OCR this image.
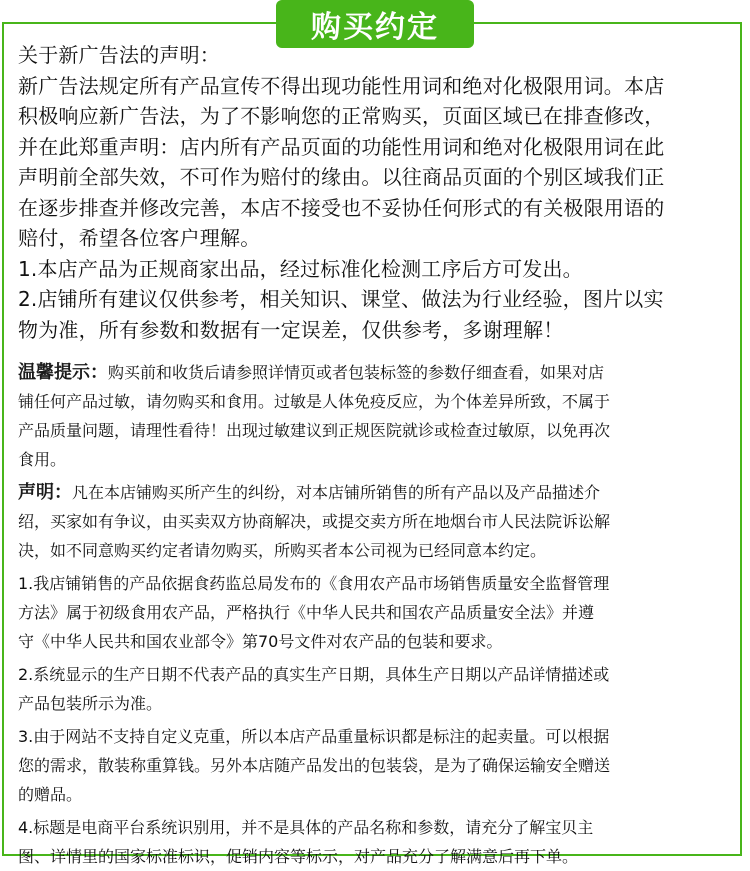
购买约定

关于新广告法的声明：

新广告法规定所有产品宣传不得出现功能性用词和绝对化极限用词。本店

积极响应新广告法，为了不影响您的正常购买，页面区域已在排查修改，

并在此郑重声明：店内所有产品页面的功能性用词和绝对化极限用词在此

声明前全部失效，不可作为赔付的缘由。以往商品页面的个别区域我们正

在逐步排查并修改完善，本店不接受也不妥协任何形式的有关极限用语的

赔付，希望各位客户理解。

1.本店产品为正规商家出品，经过标准化检测工序后方可发出。

2.店铺所有建议仅供参考，相关知识、课堂、做法为行业经验，图片以实

物为准，所有参数和数据有一定误差，仅供参考，多谢理解！

温馨提示：购买前和收货后请参照详情页或者包装标签的参数仔细查看，如果对店

铺任何产品过敏，请勿购买和食用。过敏是人体免疫反应，为个体差异所致，不属于

产品质量问题，请理性看待！出现过敏建议到正规医院就诊或检查过敏原，以免再次

食用。

声明：凡在本店铺购买所产生的纠纷，对本店铺所销售的所有产品以及产品描述介

绍，买家如有争议，由买卖双方协商解决，或提交卖方所在地烟台市人民法院诉讼解

决，如不同意购买约定者请勿购买，所购买者本公司视为已经同意本约定。

1.我店铺销售的产品依据食药监总局发布的《食用农产品市场销售质量安全监督管理

方法》属于初级食用农产品，严格执行《中华人民共和国农产品质量安全法》并遵

守《中华人民共和国农业部令》第70号文件对农产品的包装和要求。

2.系统显示的生产日期不代表产品的真实生产日期，具体生产日期以产品详情描述或

产品包装所示为准。

3.由于网站不支持自定义克重，所以本店产品重量标识都是标注的起卖量。可以根据

您的需求，散装称重算钱。另外本店随产品发出的包装袋，是为了确保运输安全赠送

的赠品。

4.标题是电商平台系统识别用，并不是具体的产品名称和参数，请充分了解宝贝主

图、详情里的国家标准标识，促销内容等标示，对产品充分了解满意后再下单。
